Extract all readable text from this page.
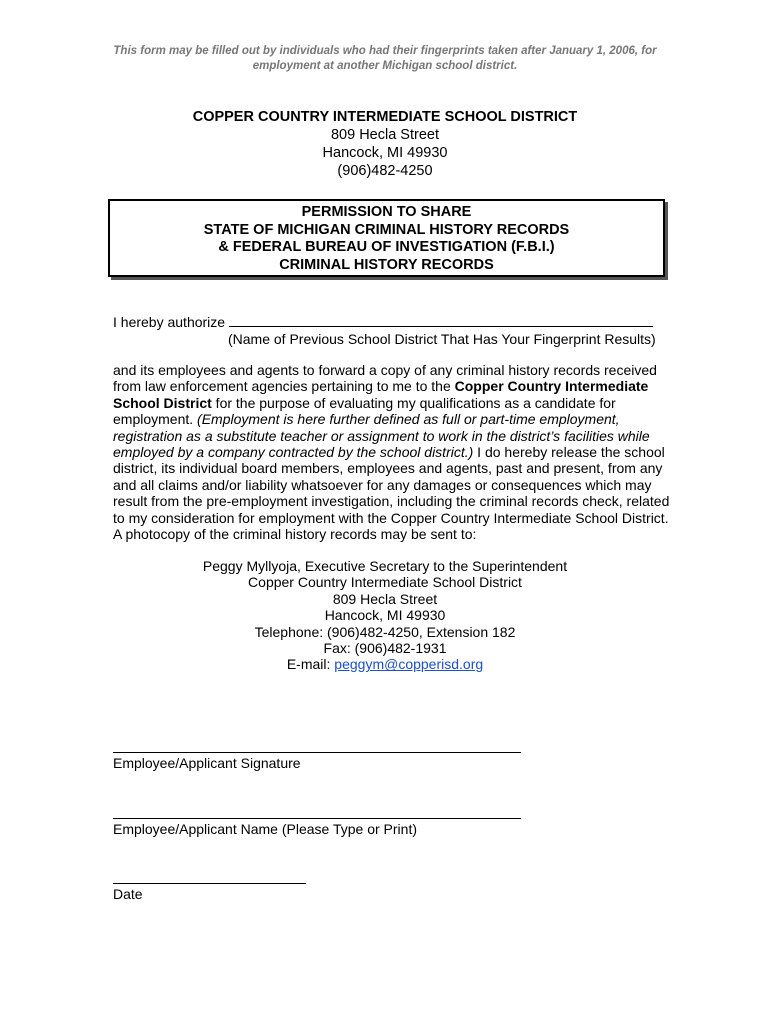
This form may be filled out by individuals who had their fingerprints taken after January 1, 2006, for
employment at another Michigan school district.
COPPER COUNTRY INTERMEDIATE SCHOOL DISTRICT
809 Hecla Street
Hancock, MI 49930
(906)482-4250
PERMISSION TO SHARE
STATE OF MICHIGAN CRIMINAL HISTORY RECORDS
& FEDERAL BUREAU OF INVESTIGATION (F.B.I.)
CRIMINAL HISTORY RECORDS
I hereby authorize
(Name of Previous School District That Has Your Fingerprint Results)
and its employees and agents to forward a copy of any criminal history records received from law enforcement agencies pertaining to me to the Copper Country Intermediate School District for the purpose of evaluating my qualifications as a candidate for employment. (Employment is here further defined as full or part-time employment, registration as a substitute teacher or assignment to work in the district’s facilities while employed by a company contracted by the school district.) I do hereby release the school district, its individual board members, employees and agents, past and present, from any and all claims and/or liability whatsoever for any damages or consequences which may result from the pre-employment investigation, including the criminal records check, related to my consideration for employment with the Copper Country Intermediate School District. A photocopy of the criminal history records may be sent to:
Peggy Myllyoja, Executive Secretary to the Superintendent
Copper Country Intermediate School District
809 Hecla Street
Hancock, MI 49930
Telephone: (906)482-4250, Extension 182
Fax: (906)482-1931
E-mail: peggym@copperisd.org
Employee/Applicant Signature
Employee/Applicant Name (Please Type or Print)
Date
